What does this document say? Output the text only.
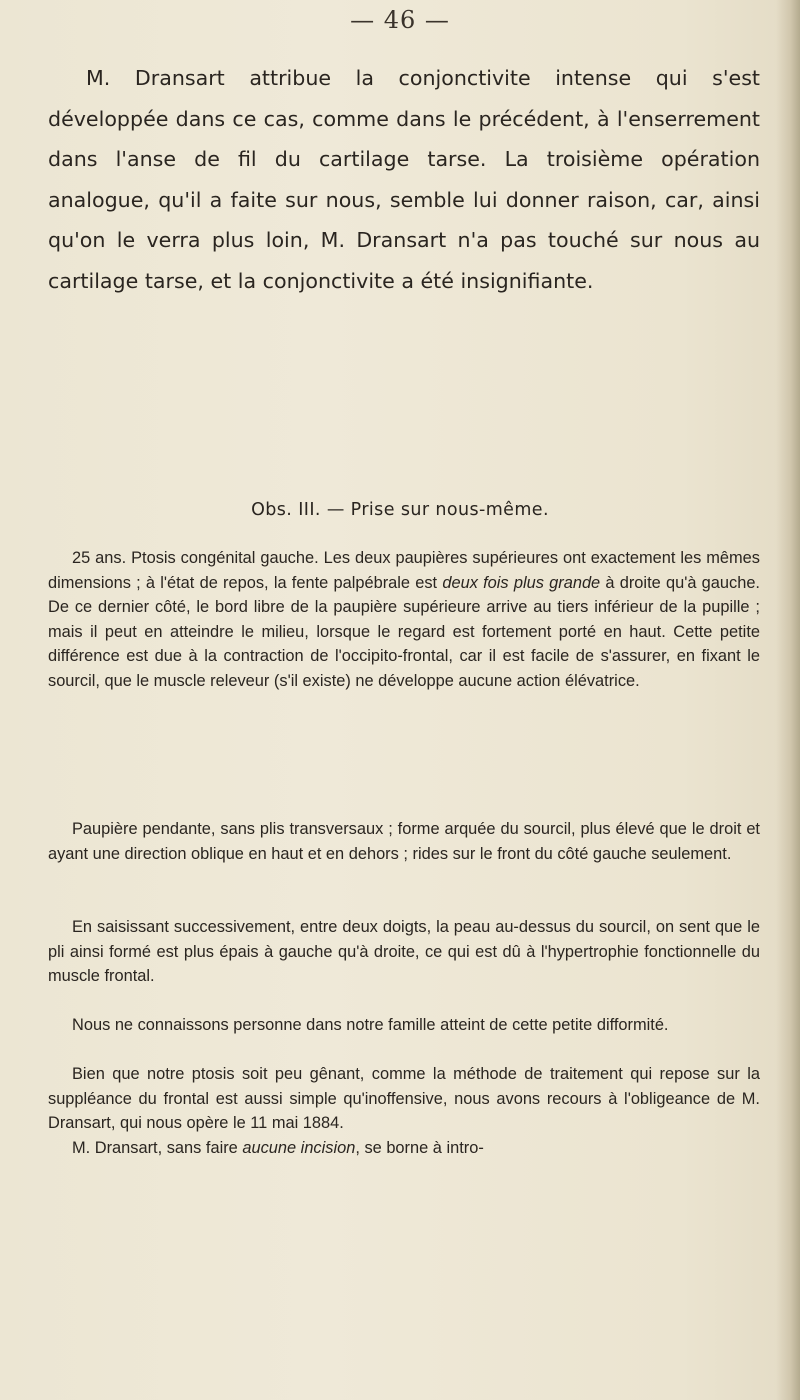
— 46 —

M. Dransart attribue la conjonctivite intense qui s'est développée dans ce cas, comme dans le précédent, à l'enserrement dans l'anse de fil du cartilage tarse. La troisième opération analogue, qu'il a faite sur nous, semble lui donner raison, car, ainsi qu'on le verra plus loin, M. Dransart n'a pas touché sur nous au cartilage tarse, et la conjonctivite a été insignifiante.

Obs. III. — Prise sur nous-même.

25 ans. Ptosis congénital gauche. Les deux paupières supérieures ont exactement les mêmes dimensions ; à l'état de repos, la fente palpébrale est deux fois plus grande à droite qu'à gauche. De ce dernier côté, le bord libre de la paupière supérieure arrive au tiers inférieur de la pupille ; mais il peut en atteindre le milieu, lorsque le regard est fortement porté en haut. Cette petite différence est due à la contraction de l'occipito-frontal, car il est facile de s'assurer, en fixant le sourcil, que le muscle releveur (s'il existe) ne développe aucune action élévatrice.

Paupière pendante, sans plis transversaux ; forme arquée du sourcil, plus élevé que le droit et ayant une direction oblique en haut et en dehors ; rides sur le front du côté gauche seulement.

En saisissant successivement, entre deux doigts, la peau au-dessus du sourcil, on sent que le pli ainsi formé est plus épais à gauche qu'à droite, ce qui est dû à l'hypertrophie fonctionnelle du muscle frontal.

Nous ne connaissons personne dans notre famille atteint de cette petite difformité.

Bien que notre ptosis soit peu gênant, comme la méthode de traitement qui repose sur la suppléance du frontal est aussi simple qu'inoffensive, nous avons recours à l'obligeance de M. Dransart, qui nous opère le 11 mai 1884.

M. Dransart, sans faire aucune incision, se borne à intro-
